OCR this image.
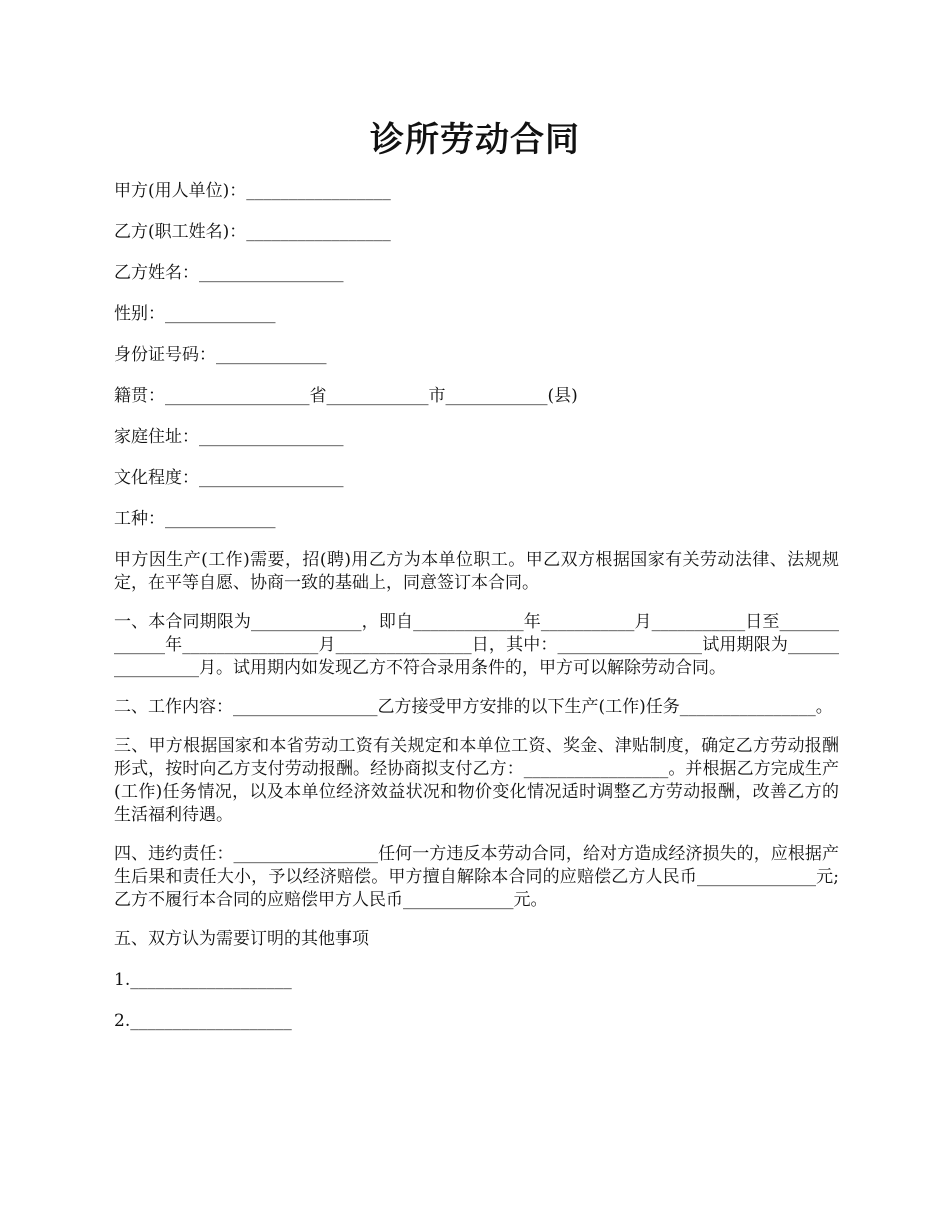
诊所劳动合同

甲方(用人单位)：_________________

乙方(职工姓名)：_________________

乙方姓名：_________________

性别：_____________

身份证号码：_____________

籍贯：_________________省____________市____________(县)

家庭住址：_________________

文化程度：_________________

工种：_____________

甲方因生产(工作)需要，招(聘)用乙方为本单位职工。甲乙双方根据国家有关劳动法律、法规规定，在平等自愿、协商一致的基础上，同意签订本合同。

一、本合同期限为_____________，即自_____________年___________月___________日至_____________年________________月________________日，其中：_________________试用期限为________________月。试用期内如发现乙方不符合录用条件的，甲方可以解除劳动合同。

二、工作内容：_________________乙方接受甲方安排的以下生产(工作)任务________________。

三、甲方根据国家和本省劳动工资有关规定和本单位工资、奖金、津贴制度，确定乙方劳动报酬形式，按时向乙方支付劳动报酬。经协商拟支付乙方：_________________。并根据乙方完成生产(工作)任务情况，以及本单位经济效益状况和物价变化情况适时调整乙方劳动报酬，改善乙方的生活福利待遇。

四、违约责任：_________________任何一方违反本劳动合同，给对方造成经济损失的，应根据产生后果和责任大小，予以经济赔偿。甲方擅自解除本合同的应赔偿乙方人民币______________元;乙方不履行本合同的应赔偿甲方人民币_____________元。

五、双方认为需要订明的其他事项

1.___________________

2.___________________
